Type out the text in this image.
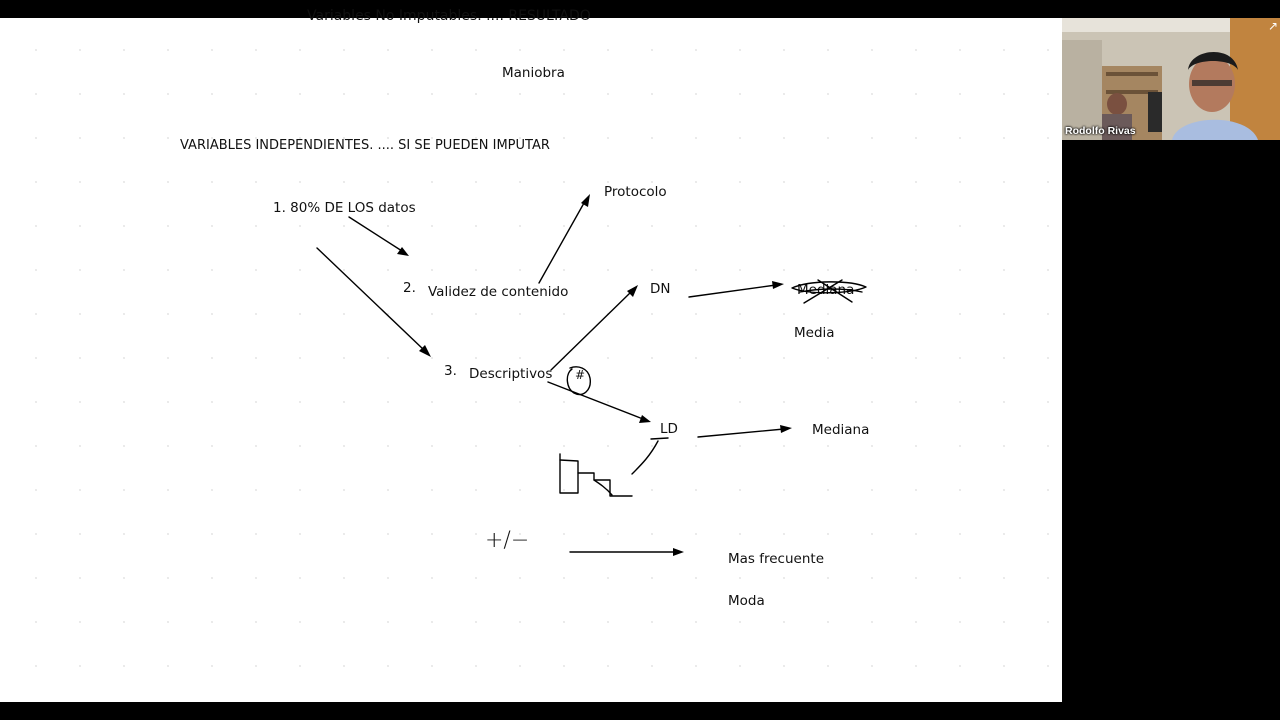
Variables No Imputables. .... RESULTADO
Maniobra
VARIABLES INDEPENDIENTES. .... SI SE PUEDEN IMPUTAR
1. 80% DE LOS datos
2. Validez de contenido
Protocolo
DN	Mediana
Media
3. Descriptivos #
LD	Mediana
+/−
Mas frecuente
Moda
↗
Rodolfo Rivas
